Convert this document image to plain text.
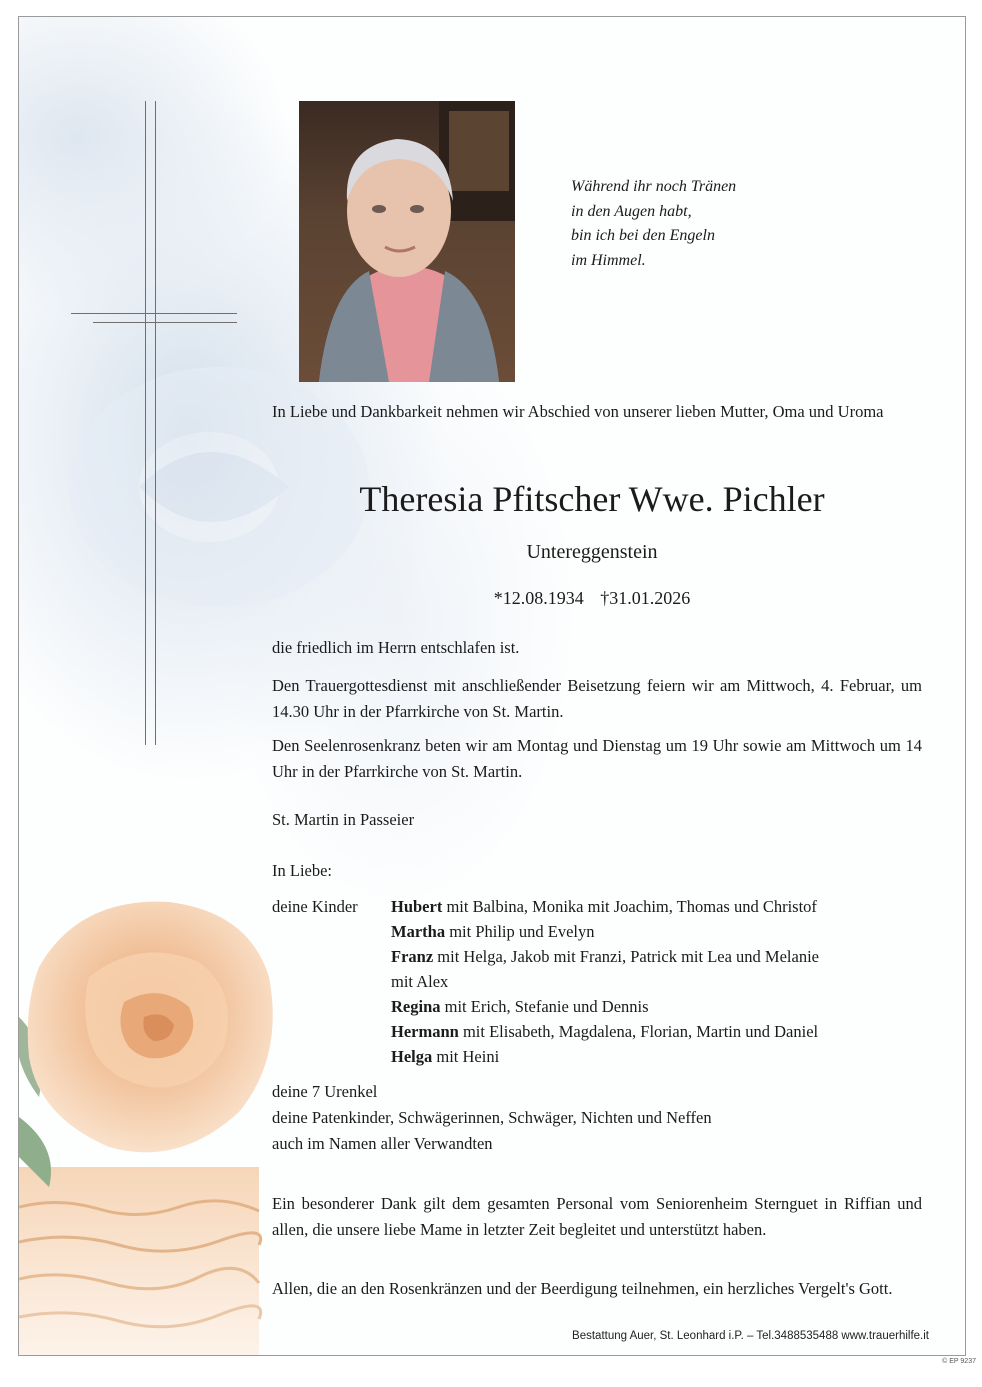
Während ihr noch Tränen
in den Augen habt,
bin ich bei den Engeln
im Himmel.
In Liebe und Dankbarkeit nehmen wir Abschied von unserer lieben Mutter, Oma und Uroma
Theresia Pfitscher Wwe. Pichler
Untereggenstein
*12.08.1934 †31.01.2026
die friedlich im Herrn entschlafen ist.
Den Trauergottesdienst mit anschließender Beisetzung feiern wir am Mittwoch, 4. Februar, um 14.30 Uhr in der Pfarrkirche von St. Martin.
Den Seelenrosenkranz beten wir am Montag und Dienstag um 19 Uhr sowie am Mittwoch um 14 Uhr in der Pfarrkirche von St. Martin.
St. Martin in Passeier
In Liebe:
deine Kinder Hubert mit Balbina, Monika mit Joachim, Thomas und Christof
Martha mit Philip und Evelyn
Franz mit Helga, Jakob mit Franzi, Patrick mit Lea und Melanie mit Alex
Regina mit Erich, Stefanie und Dennis
Hermann mit Elisabeth, Magdalena, Florian, Martin und Daniel
Helga mit Heini
deine 7 Urenkel
deine Patenkinder, Schwägerinnen, Schwäger, Nichten und Neffen
auch im Namen aller Verwandten
Ein besonderer Dank gilt dem gesamten Personal vom Seniorenheim Sternguet in Riffian und allen, die unsere liebe Mame in letzter Zeit begleitet und unterstützt haben.
Allen, die an den Rosenkränzen und der Beerdigung teilnehmen, ein herzliches Vergelt's Gott.
Bestattung Auer, St. Leonhard i.P. – Tel.3488535488 www.trauerhilfe.it
© EP 9237
